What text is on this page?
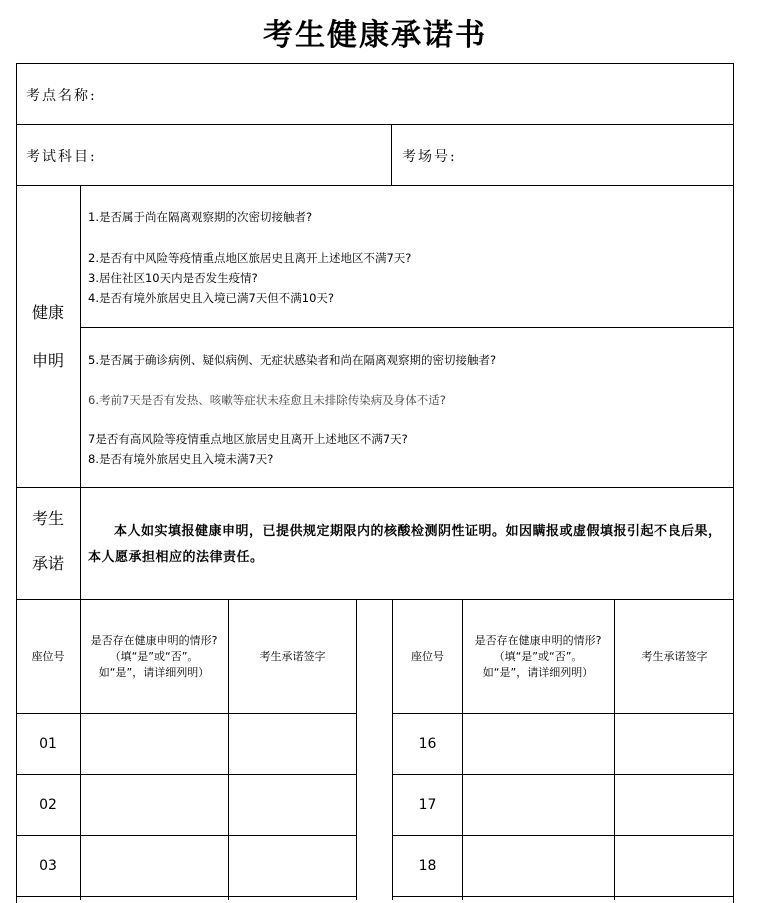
考生健康承诺书
考点名称:
考试科目:	考场号:
健康
申明
1.是否属于尚在隔离观察期的次密切接触者?
2.是否有中风险等疫情重点地区旅居史且离开上述地区不满7天?
3.居住社区10天内是否发生疫情?
4.是否有境外旅居史且入境已满7天但不满10天?
5.是否属于确诊病例、疑似病例、无症状感染者和尚在隔离观察期的密切接触者?
6.考前7天是否有发热、咳嗽等症状未痊愈且未排除传染病及身体不适?
7是否有高风险等疫情重点地区旅居史且离开上述地区不满7天?
8.是否有境外旅居史且入境未满7天?
考生
承诺
本人如实填报健康申明，已提供规定期限内的核酸检测阴性证明。如因瞒报或虚假填报引起不良后果，本人愿承担相应的法律责任。
座位号
是否存在健康申明的情形?（填“是”或“否”。如“是”，请详细列明）
考生承诺签字	座位号
是否存在健康申明的情形?（填“是”或“否”。如“是”，请详细列明）
考生承诺签字
01
02
03
16
17
18
